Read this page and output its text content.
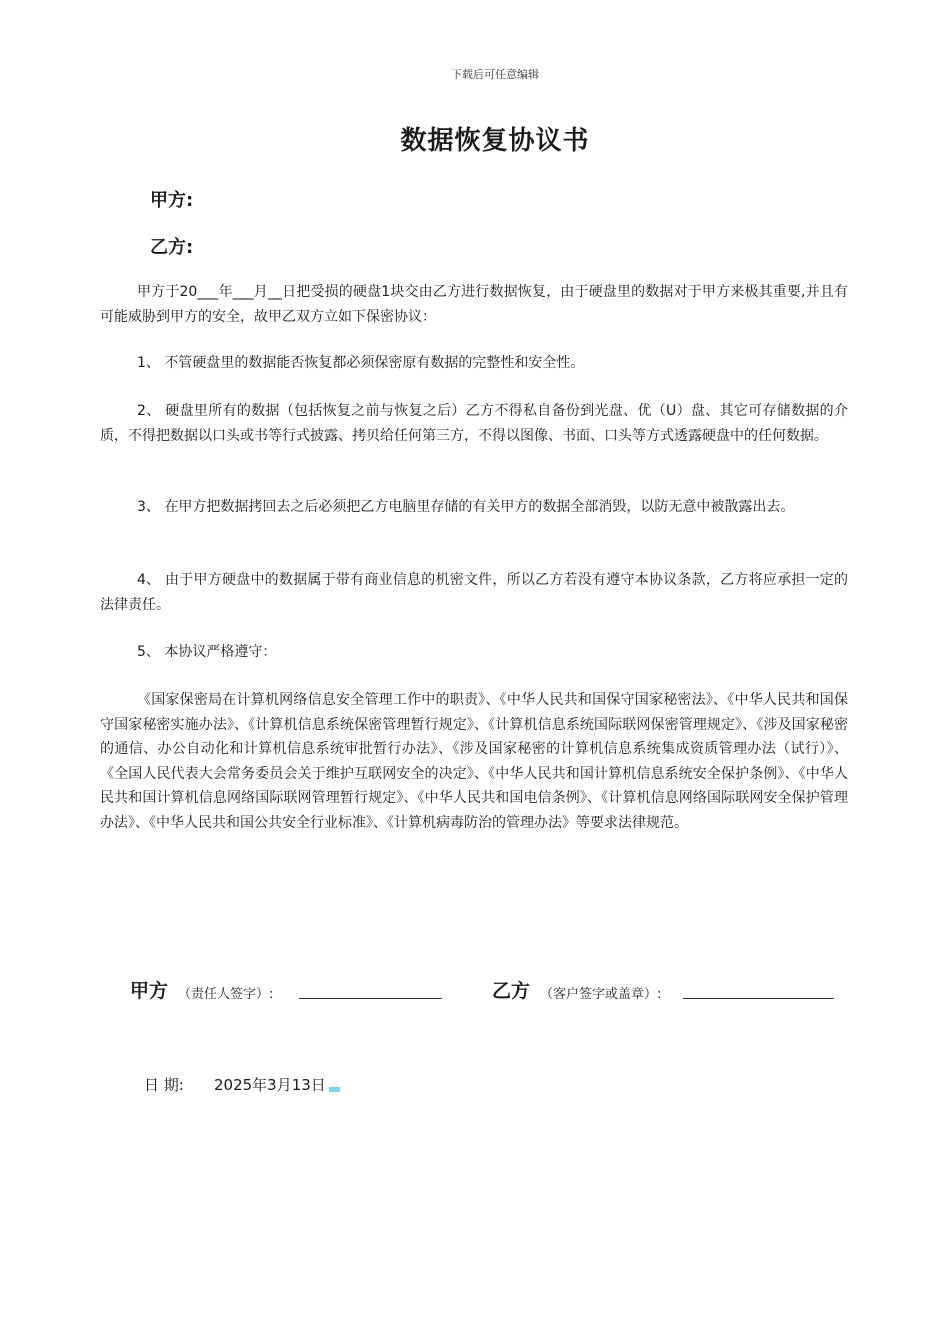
下载后可任意编辑
数据恢复协议书
甲方:
乙方:
甲方于20___年___月__日把受损的硬盘1块交由乙方进行数据恢复，由于硬盘里的数据对于甲方来极其重要,并且有可能威胁到甲方的安全，故甲乙双方立如下保密协议：
1、 不管硬盘里的数据能否恢复都必须保密原有数据的完整性和安全性。
2、 硬盘里所有的数据（包括恢复之前与恢复之后）乙方不得私自备份到光盘、优（U）盘、其它可存储数据的介质，不得把数据以口头或书等行式披露、拷贝给任何第三方，不得以图像、书面、口头等方式透露硬盘中的任何数据。
3、 在甲方把数据拷回去之后必须把乙方电脑里存储的有关甲方的数据全部消毁，以防无意中被散露出去。
4、 由于甲方硬盘中的数据属于带有商业信息的机密文件，所以乙方若没有遵守本协议条款，乙方将应承担一定的法律责任。
5、 本协议严格遵守：
《国家保密局在计算机网络信息安全管理工作中的职责》、《中华人民共和国保守国家秘密法》、《中华人民共和国保守国家秘密实施办法》、《计算机信息系统保密管理暂行规定》、《计算机信息系统国际联网保密管理规定》、《涉及国家秘密的通信、办公自动化和计算机信息系统审批暂行办法》、《涉及国家秘密的计算机信息系统集成资质管理办法（试行）》、《全国人民代表大会常务委员会关于维护互联网安全的决定》、《中华人民共和国计算机信息系统安全保护条例》、《中华人民共和国计算机信息网络国际联网管理暂行规定》、《中华人民共和国电信条例》、《计算机信息网络国际联网安全保护管理办法》、《中华人民共和国公共安全行业标准》、《计算机病毒防治的管理办法》等要求法律规范。
甲方 （责任人签字）:	乙方 （客户签字或盖章）:
日 期: 2025年3月13日
